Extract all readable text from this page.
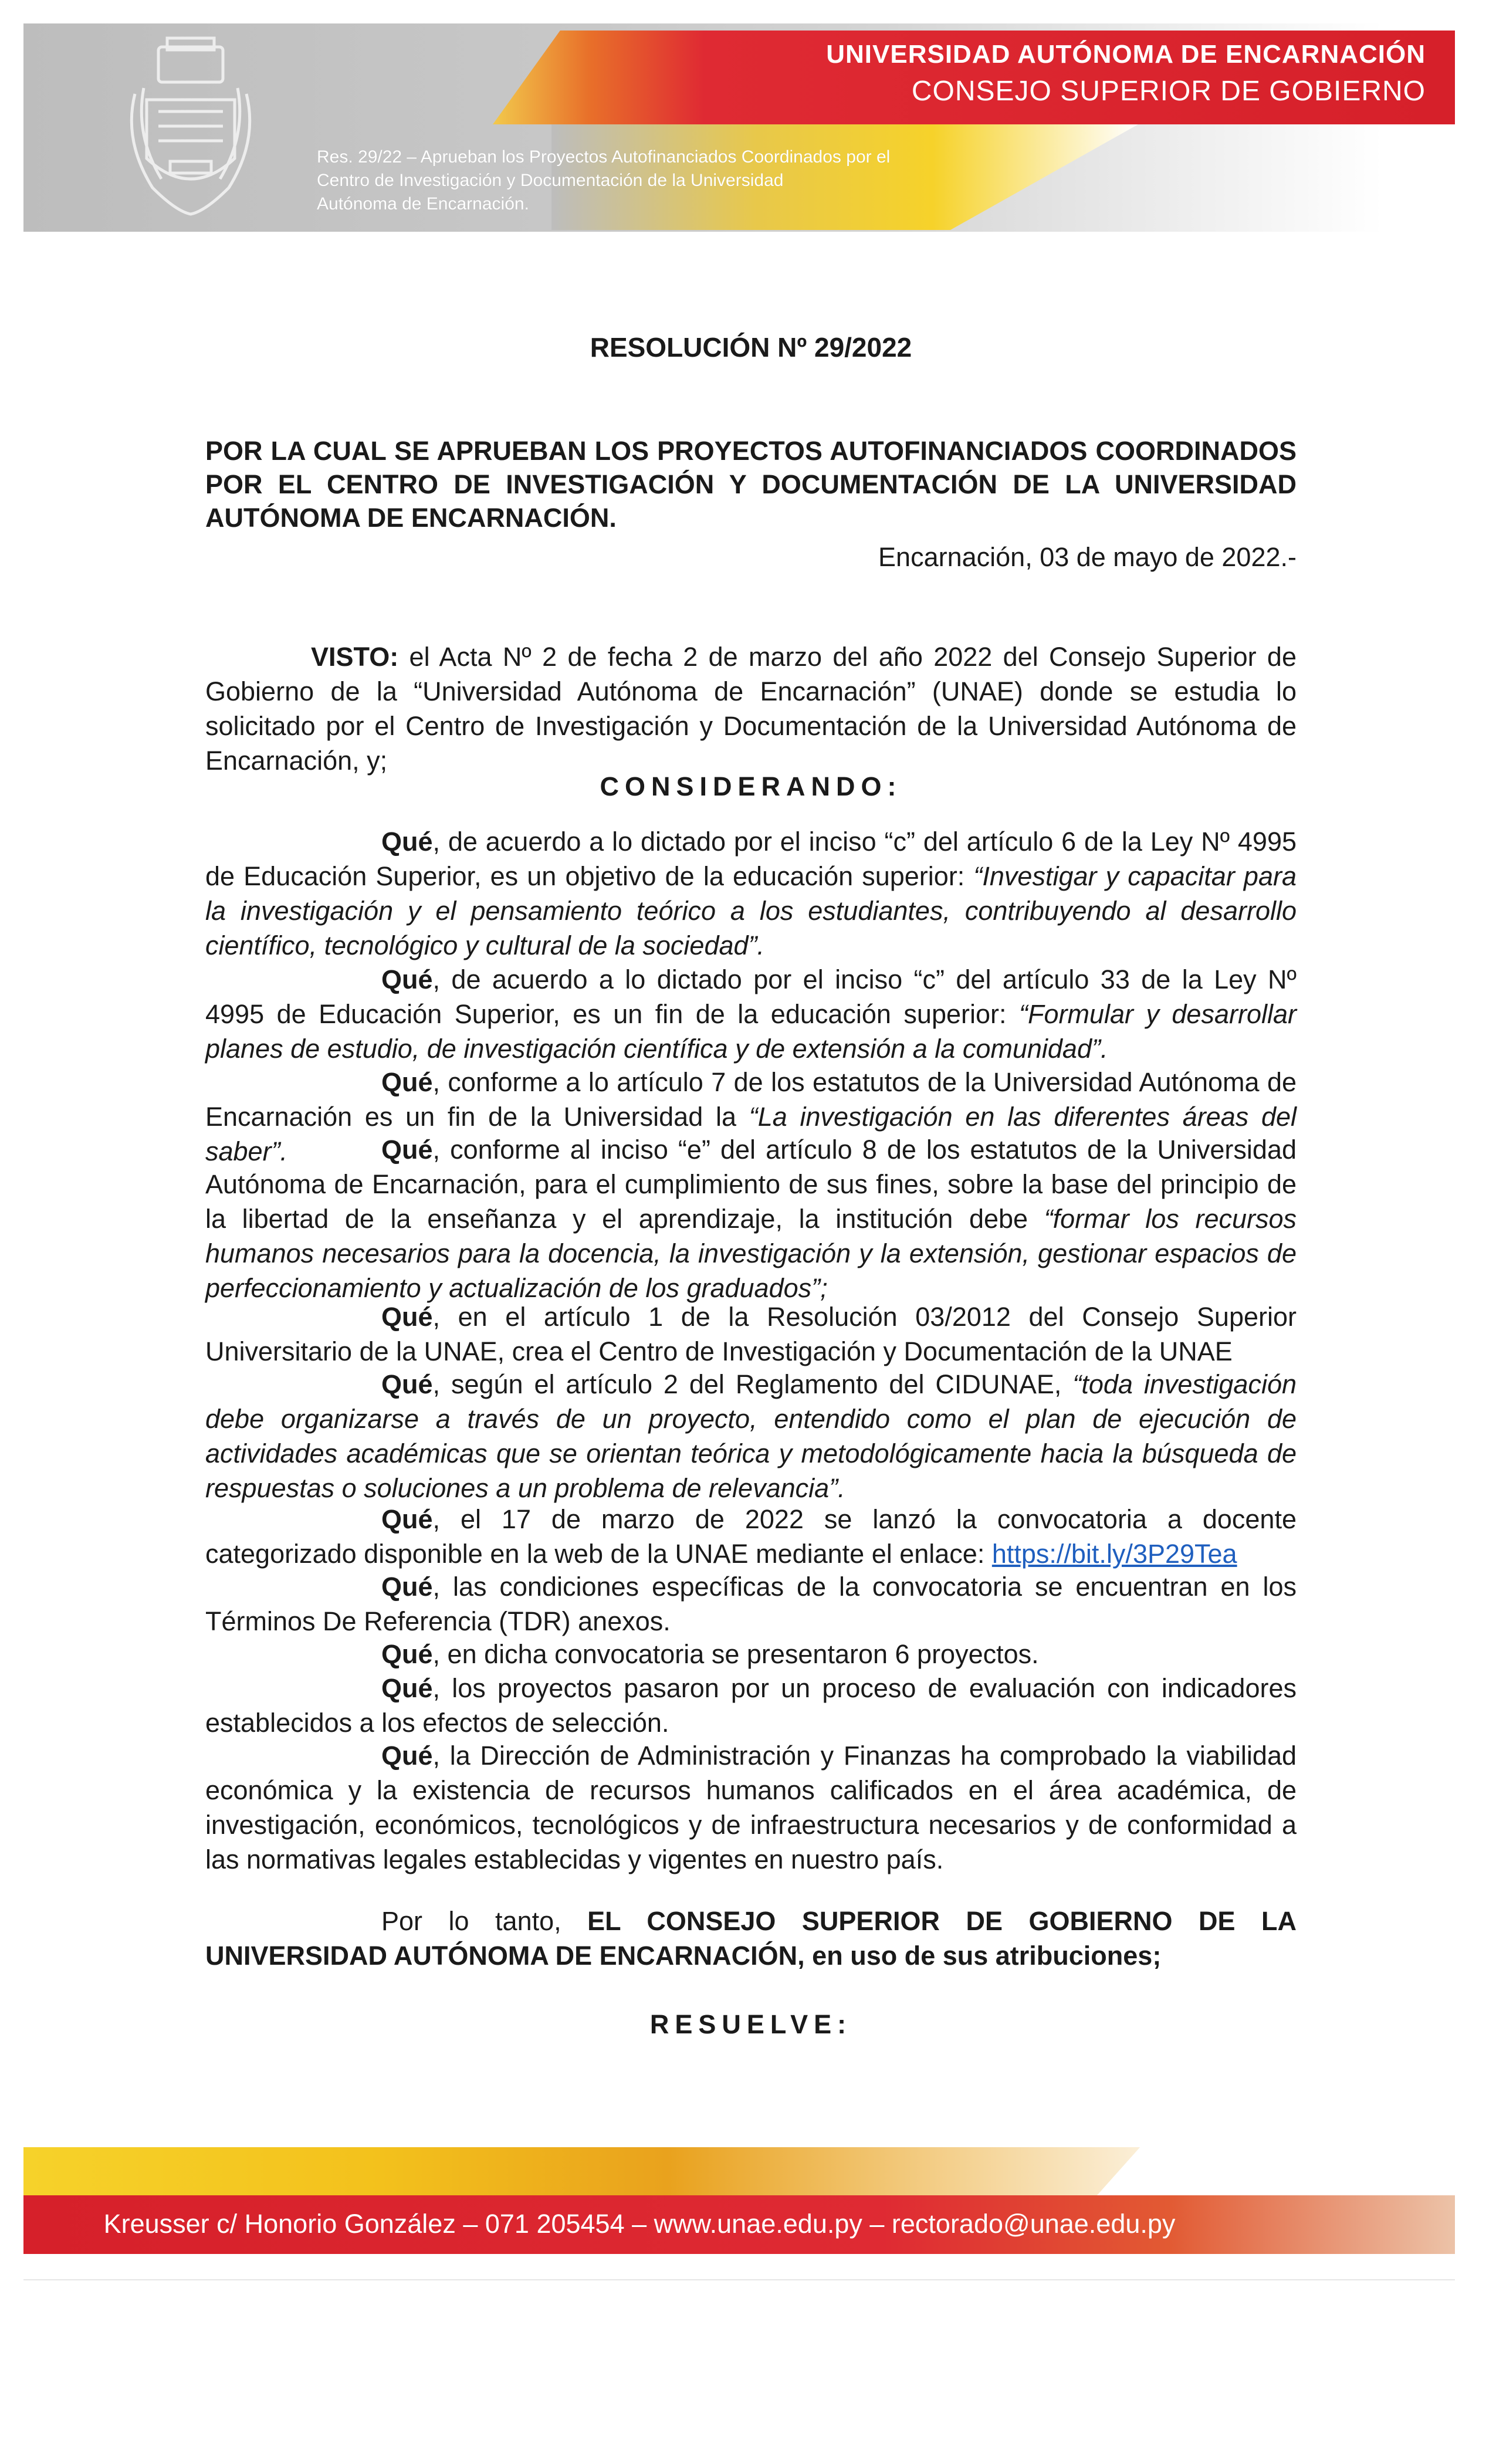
UNIVERSIDAD AUTÓNOMA DE ENCARNACIÓN
CONSEJO SUPERIOR DE GOBIERNO
Res. 29/22 – Aprueban los Proyectos Autofinanciados Coordinados por el
Centro de Investigación y Documentación de la Universidad
Autónoma de Encarnación.
RESOLUCIÓN Nº 29/2022
POR LA CUAL SE APRUEBAN LOS PROYECTOS AUTOFINANCIADOS COORDINADOS POR EL CENTRO DE INVESTIGACIÓN Y DOCUMENTACIÓN DE LA UNIVERSIDAD AUTÓNOMA DE ENCARNACIÓN.
Encarnación, 03 de mayo de 2022.-

VISTO: el Acta Nº 2 de fecha 2 de marzo del año 2022 del Consejo Superior de Gobierno de la “Universidad Autónoma de Encarnación” (UNAE) donde se estudia lo solicitado por el Centro de Investigación y Documentación de la Universidad Autónoma de Encarnación, y;

CONSIDERANDO:

Qué, de acuerdo a lo dictado por el inciso “c” del artículo 6 de la Ley Nº 4995 de Educación Superior, es un objetivo de la educación superior: “Investigar y capacitar para la investigación y el pensamiento teórico a los estudiantes, contribuyendo al desarrollo científico, tecnológico y cultural de la sociedad”.

Qué, de acuerdo a lo dictado por el inciso “c” del artículo 33 de la Ley Nº 4995 de Educación Superior, es un fin de la educación superior: “Formular y desarrollar planes de estudio, de investigación científica y de extensión a la comunidad”.

Qué, conforme a lo artículo 7 de los estatutos de la Universidad Autónoma de Encarnación es un fin de la Universidad la “La investigación en las diferentes áreas del saber”.	Qué, conforme al inciso “e” del artículo 8 de los estatutos de la Universidad Autónoma de Encarnación, para el cumplimiento de sus fines, sobre la base del principio de la libertad de la enseñanza y el aprendizaje, la institución debe “formar los recursos humanos necesarios para la docencia, la investigación y la extensión, gestionar espacios de perfeccionamiento y actualización de los graduados”;

Qué, en el artículo 1 de la Resolución 03/2012 del Consejo Superior Universitario de la UNAE, crea el Centro de Investigación y Documentación de la UNAE

Qué, según el artículo 2 del Reglamento del CIDUNAE, “toda investigación debe organizarse a través de un proyecto, entendido como el plan de ejecución de actividades académicas que se orientan teórica y metodológicamente hacia la búsqueda de respuestas o soluciones a un problema de relevancia”.

Qué, el 17 de marzo de 2022 se lanzó la convocatoria a docente categorizado disponible en la web de la UNAE mediante el enlace: https://bit.ly/3P29Tea

Qué, las condiciones específicas de la convocatoria se encuentran en los Términos De Referencia (TDR) anexos.

Qué, en dicha convocatoria se presentaron 6 proyectos.

Qué, los proyectos pasaron por un proceso de evaluación con indicadores establecidos a los efectos de selección.

Qué, la Dirección de Administración y Finanzas ha comprobado la viabilidad económica y la existencia de recursos humanos calificados en el área académica, de investigación, económicos, tecnológicos y de infraestructura necesarios y de conformidad a las normativas legales establecidas y vigentes en nuestro país.

Por lo tanto, EL CONSEJO SUPERIOR DE GOBIERNO DE LA UNIVERSIDAD AUTÓNOMA DE ENCARNACIÓN, en uso de sus atribuciones;

RESUELVE:
Kreusser c/ Honorio González – 071 205454 – www.unae.edu.py – rectorado@unae.edu.py
